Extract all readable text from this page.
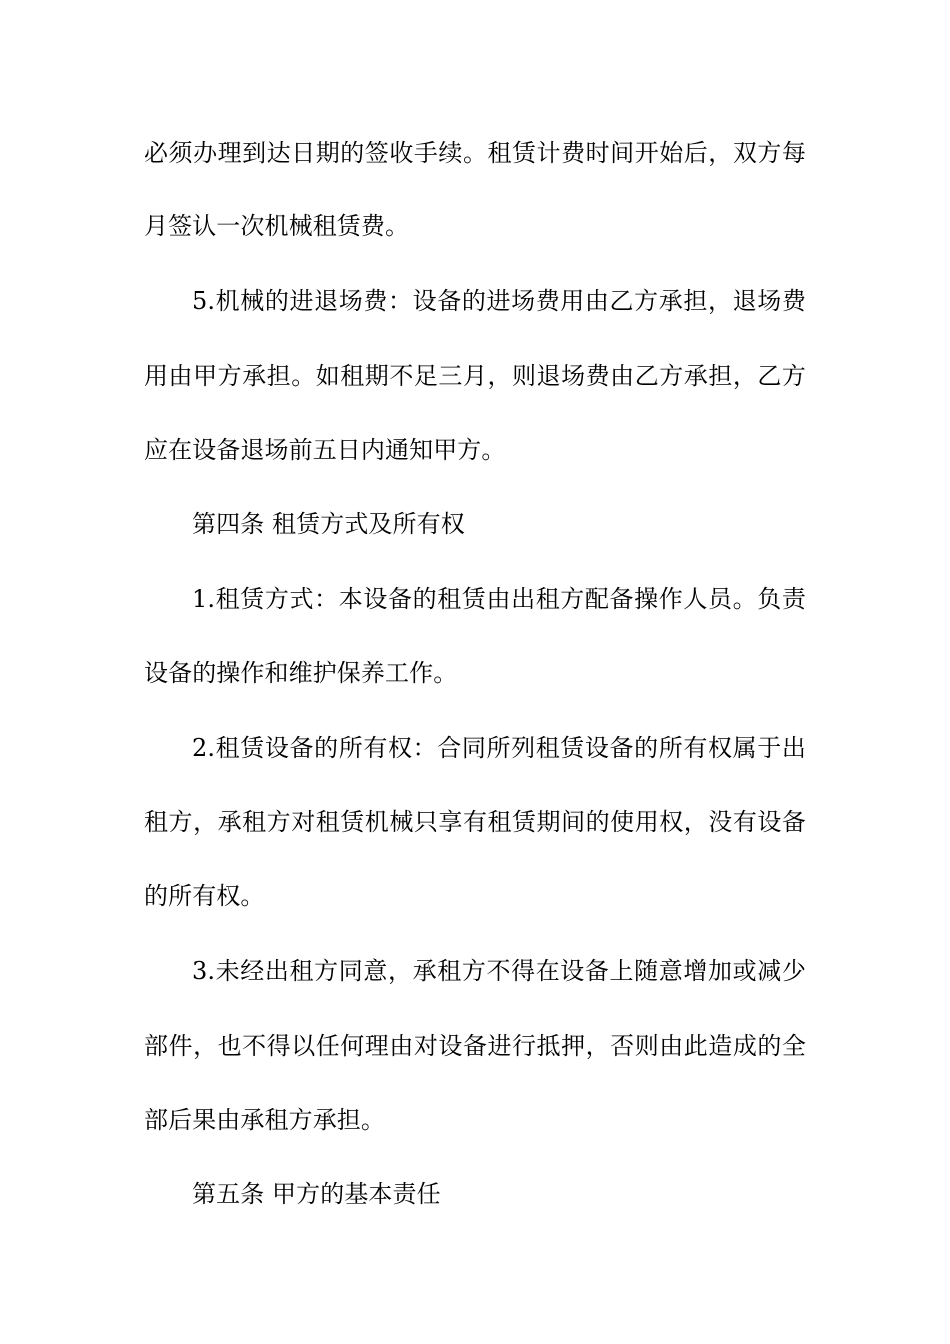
必须办理到达日期的签收手续。租赁计费时间开始后，双方每
月签认一次机械租赁费。
5.机械的进退场费：设备的进场费用由乙方承担，退场费
用由甲方承担。如租期不足三月，则退场费由乙方承担，乙方
应在设备退场前五日内通知甲方。
第四条 租赁方式及所有权
1.租赁方式：本设备的租赁由出租方配备操作人员。负责
设备的操作和维护保养工作。
2.租赁设备的所有权：合同所列租赁设备的所有权属于出
租方，承租方对租赁机械只享有租赁期间的使用权，没有设备
的所有权。
3.未经出租方同意，承租方不得在设备上随意增加或减少
部件，也不得以任何理由对设备进行抵押，否则由此造成的全
部后果由承租方承担。
第五条 甲方的基本责任
